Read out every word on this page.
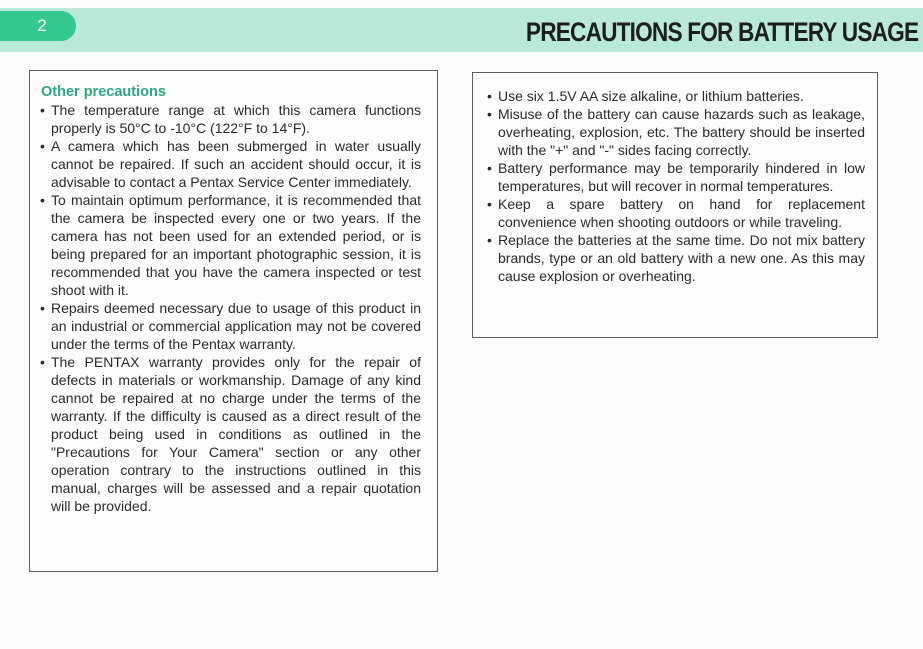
2	PRECAUTIONS FOR BATTERY USAGE
Other precautions
• The temperature range at which this camera functions properly is 50°C to -10°C (122°F to 14°F).
• A camera which has been submerged in water usually cannot be repaired. If such an accident should occur, it is advisable to contact a Pentax Service Center immediately.
• To maintain optimum performance, it is recommended that the camera be inspected every one or two years. If the camera has not been used for an extended period, or is being prepared for an important photographic session, it is recommended that you have the camera inspected or test shoot with it.
• Repairs deemed necessary due to usage of this product in an industrial or commercial application may not be covered under the terms of the Pentax warranty.
• The PENTAX warranty provides only for the repair of defects in materials or workmanship. Damage of any kind cannot be repaired at no charge under the terms of the warranty. If the difficulty is caused as a direct result of the product being used in conditions as outlined in the "Precautions for Your Camera" section or any other operation contrary to the instructions outlined in this manual, charges will be assessed and a repair quotation will be provided.
• Use six 1.5V AA size alkaline, or lithium batteries.
• Misuse of the battery can cause hazards such as leakage, overheating, explosion, etc. The battery should be inserted with the "+" and "-" sides facing correctly.
• Battery performance may be temporarily hindered in low temperatures, but will recover in normal temperatures.
• Keep a spare battery on hand for replacement convenience when shooting outdoors or while traveling.
• Replace the batteries at the same time. Do not mix battery brands, type or an old battery with a new one. As this may cause explosion or overheating.
